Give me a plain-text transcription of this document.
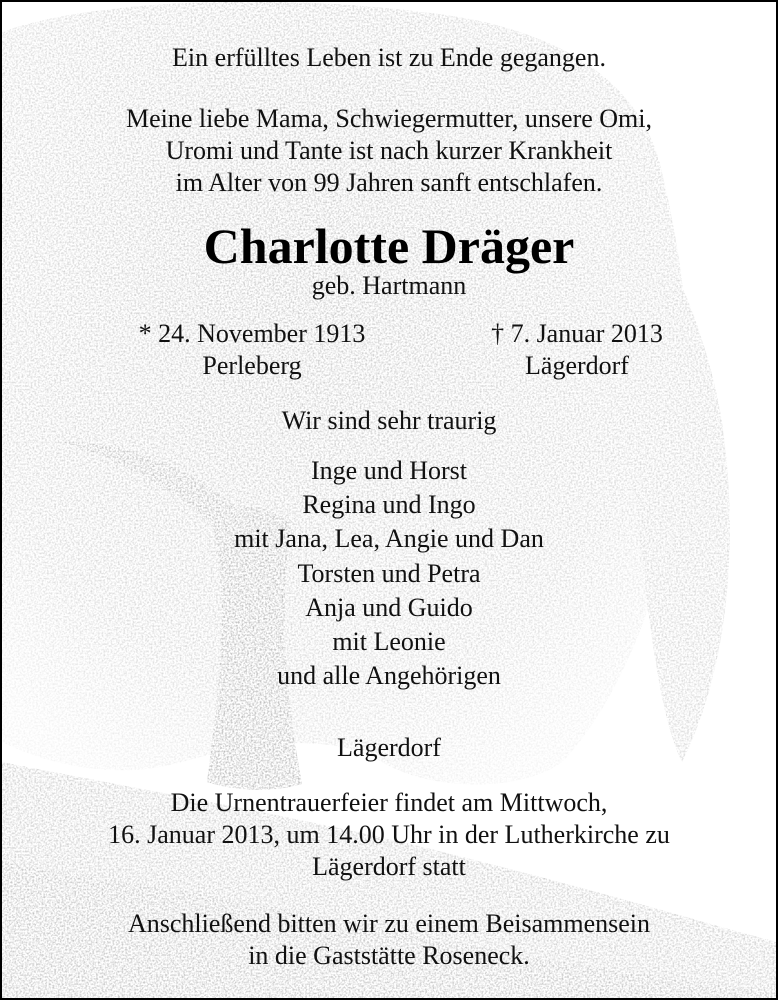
Ein erfülltes Leben ist zu Ende gegangen.
Meine liebe Mama, Schwiegermutter, unsere Omi,
Uromi und Tante ist nach kurzer Krankheit
im Alter von 99 Jahren sanft entschlafen.
Charlotte Dräger
geb. Hartmann
* 24. November 1913
Perleberg
† 7. Januar 2013
Lägerdorf
Wir sind sehr traurig
Inge und Horst
Regina und Ingo
mit Jana, Lea, Angie und Dan
Torsten und Petra
Anja und Guido
mit Leonie
und alle Angehörigen
Lägerdorf
Die Urnentrauerfeier findet am Mittwoch,
16. Januar 2013, um 14.00 Uhr in der Lutherkirche zu
Lägerdorf statt
Anschließend bitten wir zu einem Beisammensein
in die Gaststätte Roseneck.
